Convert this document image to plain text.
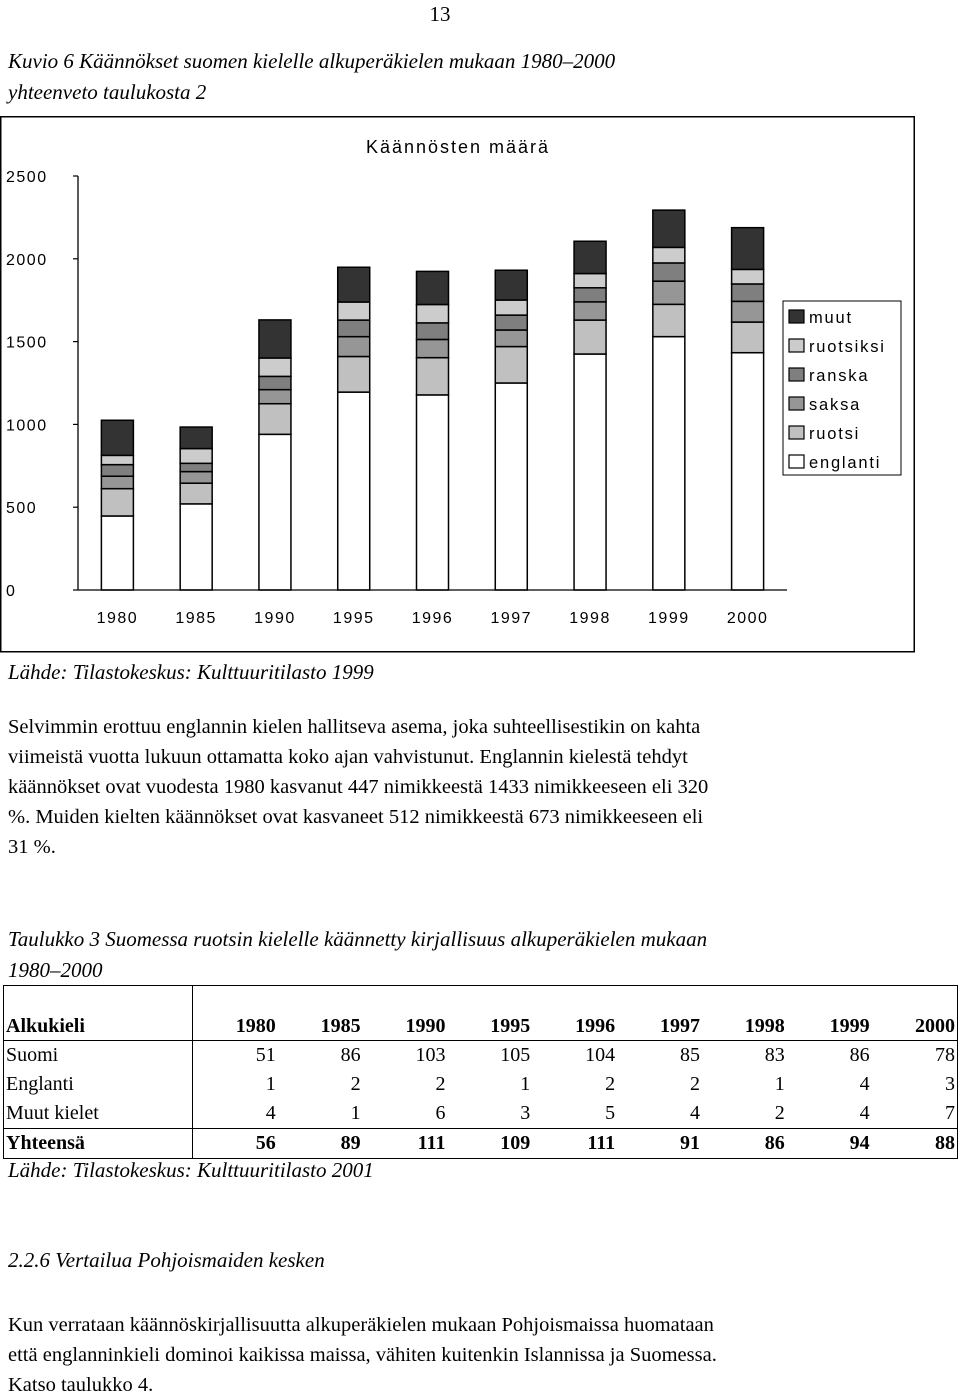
13
Kuvio 6 Käännökset suomen kielelle alkuperäkielen mukaan 1980–2000
yhteenveto taulukosta 2
Käännösten määrä
0
500
1000
1500
2000
2500
1980 1985 1990 1995 1996 1997 1998 1999 2000
muut
ruotsiksi
ranska
saksa
ruotsi
englanti
Lähde: Tilastokeskus: Kulttuuritilasto 1999
Selvimmin erottuu englannin kielen hallitseva asema, joka suhteellisestikin on kahta
viimeistä vuotta lukuun ottamatta koko ajan vahvistunut. Englannin kielestä tehdyt
käännökset ovat vuodesta 1980 kasvanut 447 nimikkeestä 1433 nimikkeeseen eli 320
%. Muiden kielten käännökset ovat kasvaneet 512 nimikkeestä 673 nimikkeeseen eli
31 %.
Taulukko 3 Suomessa ruotsin kielelle käännetty kirjallisuus alkuperäkielen mukaan
1980–2000
Alkukieli	1980	1985	1990	1995	1996	1997	1998	1999	2000
Suomi	51	86	103	105	104	85	83	86	78
Englanti	1	2	2	1	2	2	1	4	3
Muut kielet	4	1	6	3	5	4	2	4	7
Yhteensä	56	89	111	109	111	91	86	94	88
Lähde: Tilastokeskus: Kulttuuritilasto 2001
2.2.6 Vertailua Pohjoismaiden kesken
Kun verrataan käännöskirjallisuutta alkuperäkielen mukaan Pohjoismaissa huomataan
että englanninkieli dominoi kaikissa maissa, vähiten kuitenkin Islannissa ja Suomessa.
Katso taulukko 4.
